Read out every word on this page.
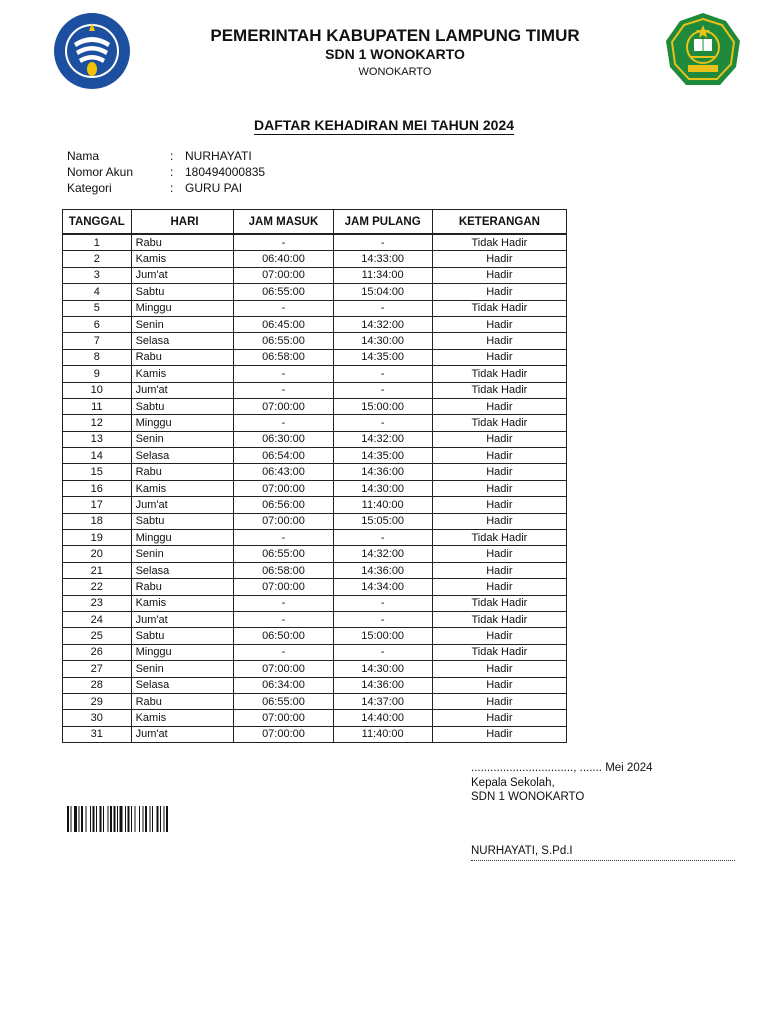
PEMERINTAH KABUPATEN LAMPUNG TIMUR
SDN 1 WONOKARTO
WONOKARTO
DAFTAR KEHADIRAN MEI TAHUN 2024
Nama	: NURHAYATI
Nomor Akun	: 180494000835
Kategori	: GURU PAI
TANGGAL	HARI	JAM MASUK	JAM PULANG	KETERANGAN
1	Rabu	-	-	Tidak Hadir
2	Kamis	06:40:00	14:33:00	Hadir
3	Jum'at	07:00:00	11:34:00	Hadir
4	Sabtu	06:55:00	15:04:00	Hadir
5	Minggu	-	-	Tidak Hadir
6	Senin	06:45:00	14:32:00	Hadir
7	Selasa	06:55:00	14:30:00	Hadir
8	Rabu	06:58:00	14:35:00	Hadir
9	Kamis	-	-	Tidak Hadir
10	Jum'at	-	-	Tidak Hadir
11	Sabtu	07:00:00	15:00:00	Hadir
12	Minggu	-	-	Tidak Hadir
13	Senin	06:30:00	14:32:00	Hadir
14	Selasa	06:54:00	14:35:00	Hadir
15	Rabu	06:43:00	14:36:00	Hadir
16	Kamis	07:00:00	14:30:00	Hadir
17	Jum'at	06:56:00	11:40:00	Hadir
18	Sabtu	07:00:00	15:05:00	Hadir
19	Minggu	-	-	Tidak Hadir
20	Senin	06:55:00	14:32:00	Hadir
21	Selasa	06:58:00	14:36:00	Hadir
22	Rabu	07:00:00	14:34:00	Hadir
23	Kamis	-	-	Tidak Hadir
24	Jum'at	-	-	Tidak Hadir
25	Sabtu	06:50:00	15:00:00	Hadir
26	Minggu	-	-	Tidak Hadir
27	Senin	07:00:00	14:30:00	Hadir
28	Selasa	06:34:00	14:36:00	Hadir
29	Rabu	06:55:00	14:37:00	Hadir
30	Kamis	07:00:00	14:40:00	Hadir
31	Jum'at	07:00:00	11:40:00	Hadir
................................, ....... Mei 2024
Kepala Sekolah,
SDN 1 WONOKARTO
NURHAYATI, S.Pd.I
